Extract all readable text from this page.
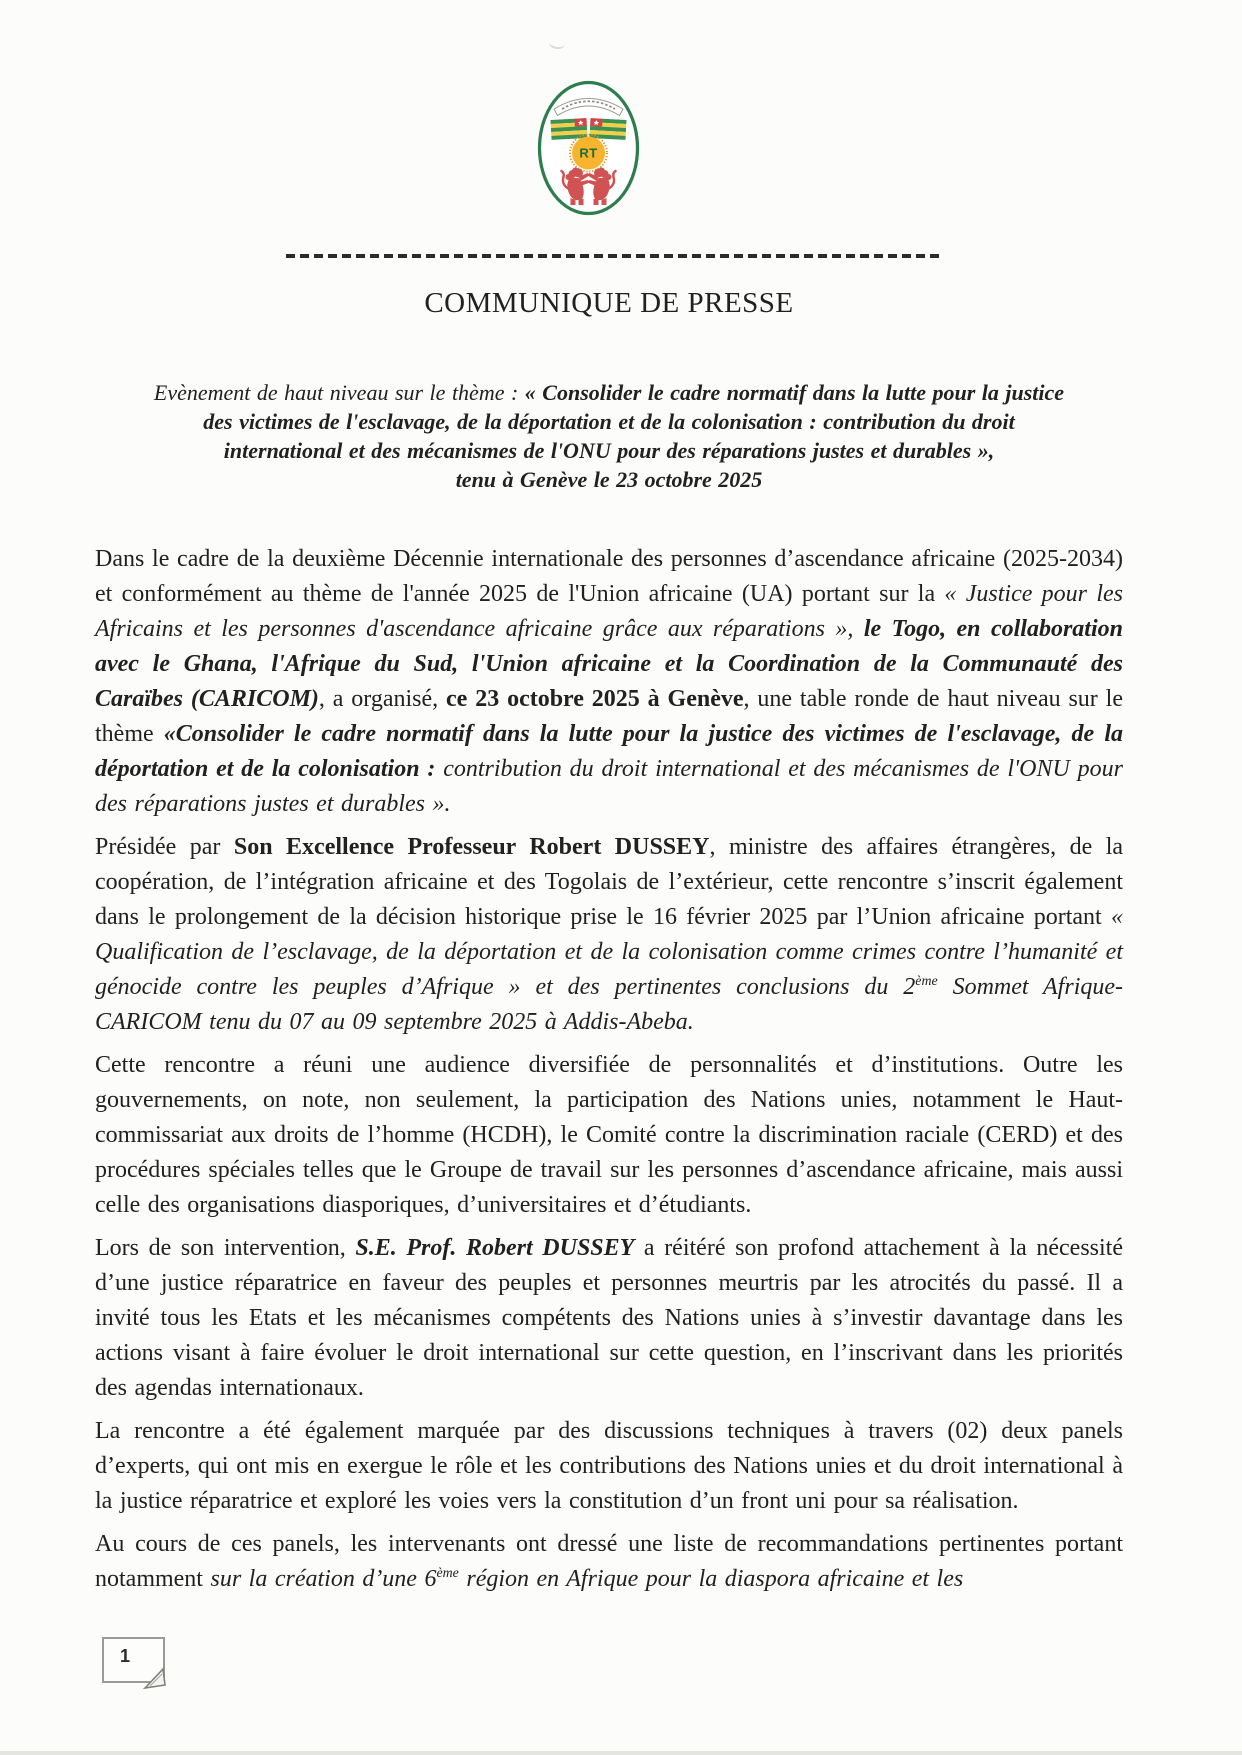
RT
COMMUNIQUE DE PRESSE

Evènement de haut niveau sur le thème : « Consolider le cadre normatif dans la lutte pour la justice des victimes de l'esclavage, de la déportation et de la colonisation : contribution du droit international et des mécanismes de l'ONU pour des réparations justes et durables »,
tenu à Genève le 23 octobre 2025

Dans le cadre de la deuxième Décennie internationale des personnes d’ascendance africaine (2025-2034) et conformément au thème de l'année 2025 de l'Union africaine (UA) portant sur la « Justice pour les Africains et les personnes d'ascendance africaine grâce aux réparations », le Togo, en collaboration avec le Ghana, l'Afrique du Sud, l'Union africaine et la Coordination de la Communauté des Caraïbes (CARICOM), a organisé, ce 23 octobre 2025 à Genève, une table ronde de haut niveau sur le thème «Consolider le cadre normatif dans la lutte pour la justice des victimes de l'esclavage, de la déportation et de la colonisation : contribution du droit international et des mécanismes de l'ONU pour des réparations justes et durables ».

Présidée par Son Excellence Professeur Robert DUSSEY, ministre des affaires étrangères, de la coopération, de l’intégration africaine et des Togolais de l’extérieur, cette rencontre s’inscrit également dans le prolongement de la décision historique prise le 16 février 2025 par l’Union africaine portant « Qualification de l’esclavage, de la déportation et de la colonisation comme crimes contre l’humanité et génocide contre les peuples d’Afrique » et des pertinentes conclusions du 2ème Sommet Afrique-CARICOM tenu du 07 au 09 septembre 2025 à Addis-Abeba.

Cette rencontre a réuni une audience diversifiée de personnalités et d’institutions. Outre les gouvernements, on note, non seulement, la participation des Nations unies, notamment le Haut-commissariat aux droits de l’homme (HCDH), le Comité contre la discrimination raciale (CERD) et des procédures spéciales telles que le Groupe de travail sur les personnes d’ascendance africaine, mais aussi celle des organisations diasporiques, d’universitaires et d’étudiants.

Lors de son intervention, S.E. Prof. Robert DUSSEY a réitéré son profond attachement à la nécessité d’une justice réparatrice en faveur des peuples et personnes meurtris par les atrocités du passé. Il a invité tous les Etats et les mécanismes compétents des Nations unies à s’investir davantage dans les actions visant à faire évoluer le droit international sur cette question, en l’inscrivant dans les priorités des agendas internationaux.

La rencontre a été également marquée par des discussions techniques à travers (02) deux panels d’experts, qui ont mis en exergue le rôle et les contributions des Nations unies et du droit international à la justice réparatrice et exploré les voies vers la constitution d’un front uni pour sa réalisation.

Au cours de ces panels, les intervenants ont dressé une liste de recommandations pertinentes portant notamment sur la création d’une 6ème région en Afrique pour la diaspora africaine et les

1
